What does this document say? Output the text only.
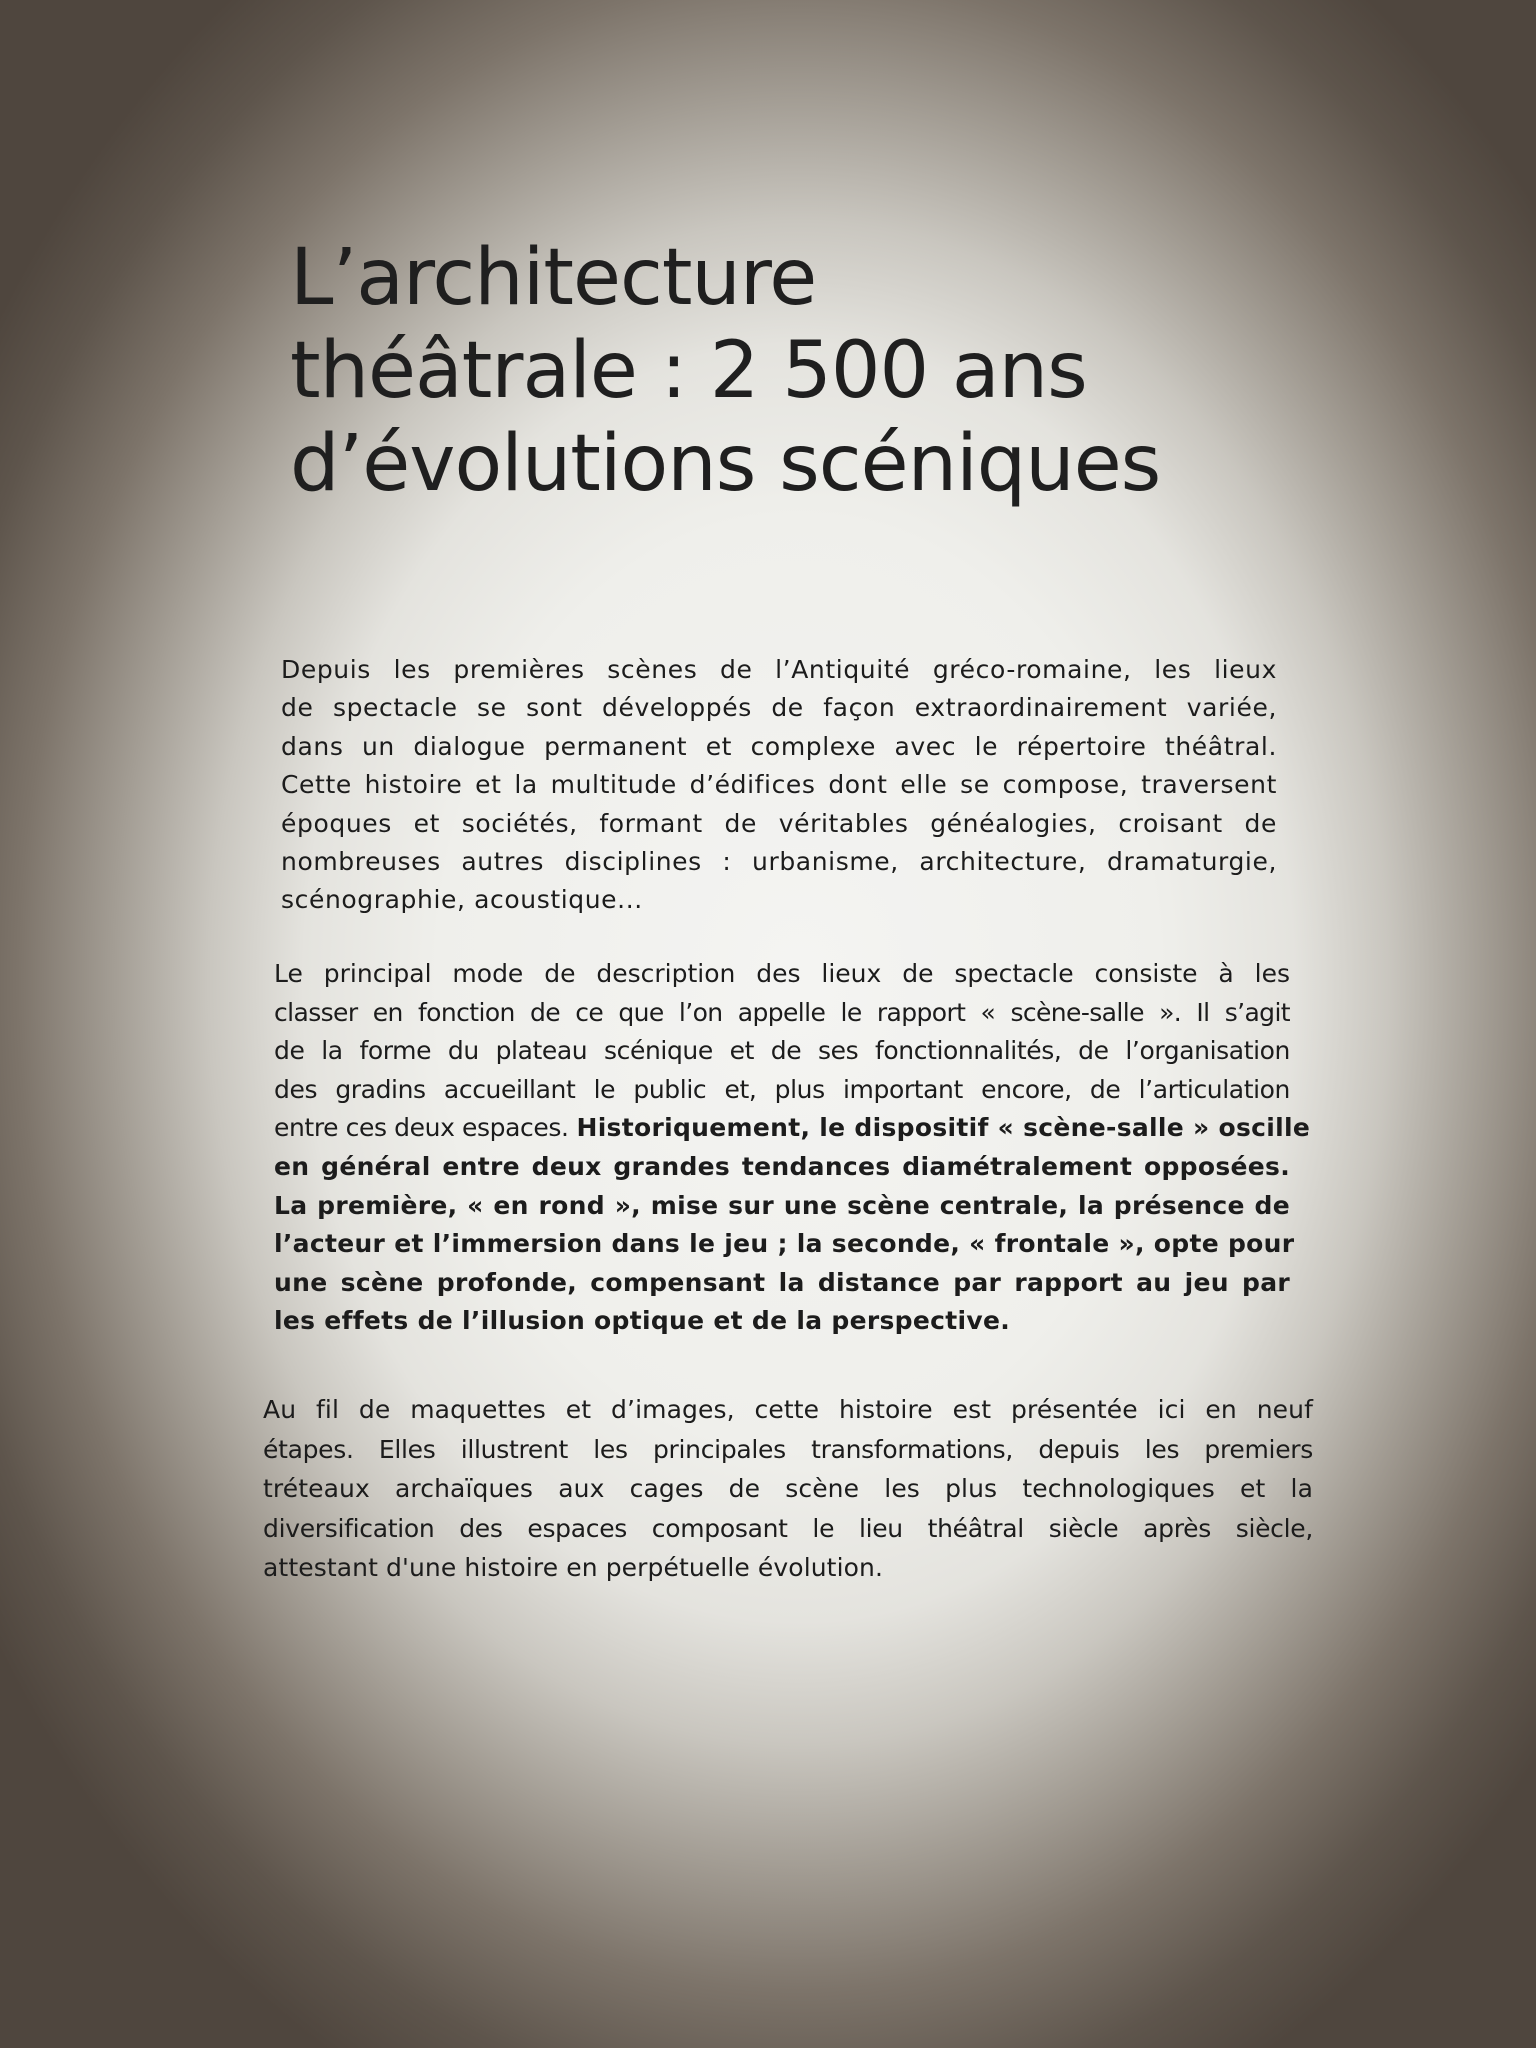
L’architecture
théâtrale : 2 500 ans
d’évolutions scéniques

Depuis les premières scènes de l’Antiquité gréco-romaine, les lieux
de spectacle se sont développés de façon extraordinairement variée,
dans un dialogue permanent et complexe avec le répertoire théâtral.
Cette histoire et la multitude d’édifices dont elle se compose, traversent
époques et sociétés, formant de véritables généalogies, croisant de
nombreuses autres disciplines : urbanisme, architecture, dramaturgie,
scénographie, acoustique...

Le principal mode de description des lieux de spectacle consiste à les
classer en fonction de ce que l’on appelle le rapport « scène-salle ». Il s’agit
de la forme du plateau scénique et de ses fonctionnalités, de l’organisation
des gradins accueillant le public et, plus important encore, de l’articulation
entre ces deux espaces. Historiquement, le dispositif « scène-salle » oscille
en général entre deux grandes tendances diamétralement opposées.
La première, « en rond », mise sur une scène centrale, la présence de
l’acteur et l’immersion dans le jeu ; la seconde, « frontale », opte pour
une scène profonde, compensant la distance par rapport au jeu par
les effets de l’illusion optique et de la perspective.

Au fil de maquettes et d’images, cette histoire est présentée ici en neuf
étapes. Elles illustrent les principales transformations, depuis les premiers
tréteaux archaïques aux cages de scène les plus technologiques et la
diversification des espaces composant le lieu théâtral siècle après siècle,
attestant d'une histoire en perpétuelle évolution.
